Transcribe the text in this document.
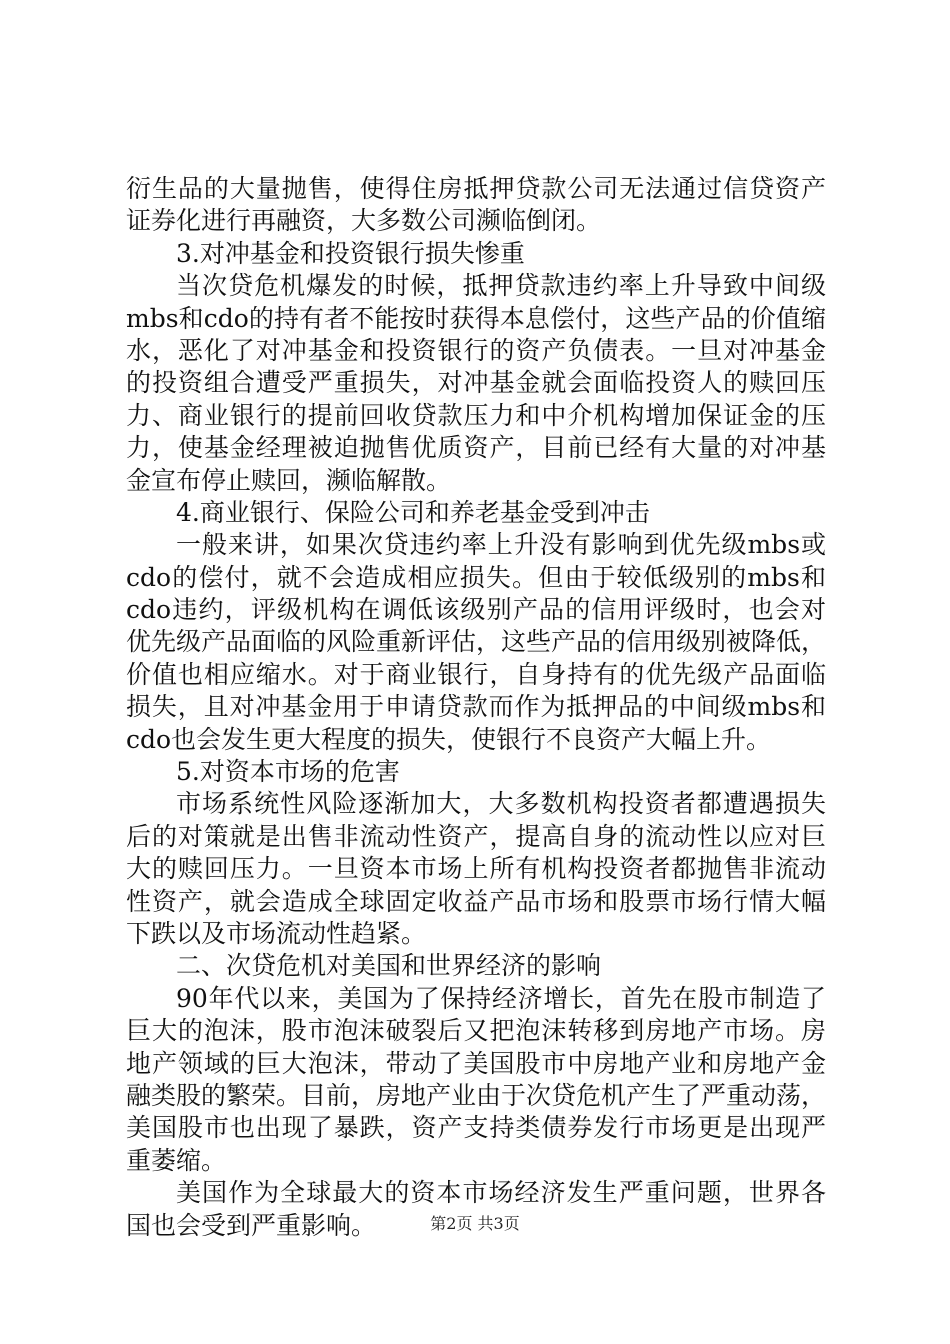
衍生品的大量抛售，使得住房抵押贷款公司无法通过信贷资产
证券化进行再融资，大多数公司濒临倒闭。
3.对冲基金和投资银行损失惨重
当次贷危机爆发的时候，抵押贷款违约率上升导致中间级
mbs和cdo的持有者不能按时获得本息偿付，这些产品的价值缩
水，恶化了对冲基金和投资银行的资产负债表。一旦对冲基金
的投资组合遭受严重损失，对冲基金就会面临投资人的赎回压
力、商业银行的提前回收贷款压力和中介机构增加保证金的压
力，使基金经理被迫抛售优质资产，目前已经有大量的对冲基
金宣布停止赎回，濒临解散。
4.商业银行、保险公司和养老基金受到冲击
一般来讲，如果次贷违约率上升没有影响到优先级mbs或
cdo的偿付，就不会造成相应损失。但由于较低级别的mbs和
cdo违约，评级机构在调低该级别产品的信用评级时，也会对
优先级产品面临的风险重新评估，这些产品的信用级别被降低，
价值也相应缩水。对于商业银行，自身持有的优先级产品面临
损失，且对冲基金用于申请贷款而作为抵押品的中间级mbs和
cdo也会发生更大程度的损失，使银行不良资产大幅上升。
5.对资本市场的危害
市场系统性风险逐渐加大，大多数机构投资者都遭遇损失
后的对策就是出售非流动性资产，提高自身的流动性以应对巨
大的赎回压力。一旦资本市场上所有机构投资者都抛售非流动
性资产，就会造成全球固定收益产品市场和股票市场行情大幅
下跌以及市场流动性趋紧。
二、次贷危机对美国和世界经济的影响
90年代以来，美国为了保持经济增长，首先在股市制造了
巨大的泡沫，股市泡沫破裂后又把泡沫转移到房地产市场。房
地产领域的巨大泡沫，带动了美国股市中房地产业和房地产金
融类股的繁荣。目前，房地产业由于次贷危机产生了严重动荡，
美国股市也出现了暴跌，资产支持类债券发行市场更是出现严
重萎缩。
美国作为全球最大的资本市场经济发生严重问题，世界各
国也会受到严重影响。	第2页 共3页
